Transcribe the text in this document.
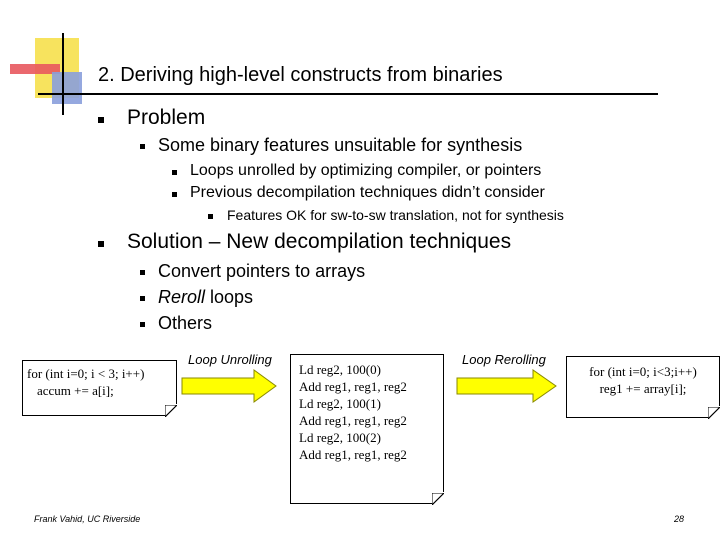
2. Deriving high-level constructs from binaries
Problem
Some binary features unsuitable for synthesis
Loops unrolled by optimizing compiler, or pointers
Previous decompilation techniques didn’t consider
Features OK for sw-to-sw translation, not for synthesis
Solution – New decompilation techniques
Convert pointers to arrays
Reroll loops
Others
for (int i=0; i < 3; i++)
accum += a[i];
Loop Unrolling
Ld reg2, 100(0)
Add reg1, reg1, reg2
Ld reg2, 100(1)
Add reg1, reg1, reg2
Ld reg2, 100(2)
Add reg1, reg1, reg2
Loop Rerolling
for (int i=0; i<3;i++)
reg1 += array[i];
Frank Vahid, UC Riverside	28
